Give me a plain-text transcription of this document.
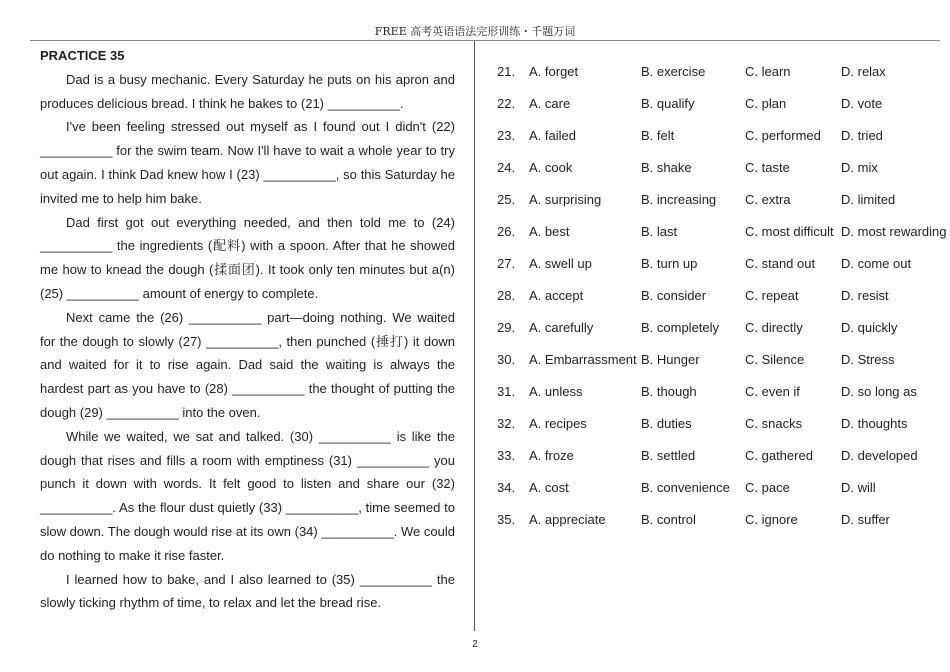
FREE 高考英语语法完形训练・千题万词
PRACTICE 35

Dad is a busy mechanic. Every Saturday he puts on his apron and produces delicious bread. I think he bakes to (21) __________.

I've been feeling stressed out myself as I found out I didn't (22) __________ for the swim team. Now I'll have to wait a whole year to try out again. I think Dad knew how I (23) __________, so this Saturday he invited me to help him bake.

Dad first got out everything needed, and then told me to (24) __________ the ingredients (配料) with a spoon. After that he showed me how to knead the dough (揉面团). It took only ten minutes but a(n) (25) __________ amount of energy to complete.

Next came the (26) __________ part—doing nothing. We waited for the dough to slowly (27) __________, then punched (捶打) it down and waited for it to rise again. Dad said the waiting is always the hardest part as you have to (28) __________ the thought of putting the dough (29) __________ into the oven.

While we waited, we sat and talked. (30) __________ is like the dough that rises and fills a room with emptiness (31) __________ you punch it down with words. It felt good to listen and share our (32) __________. As the flour dust quietly (33) __________, time seemed to slow down. The dough would rise at its own (34) __________. We could do nothing to make it rise faster.

I learned how to bake, and I also learned to (35) __________ the slowly ticking rhythm of time, to relax and let the bread rise.

21. A. forget	B. exercise	C. learn	D. relax
22. A. care	B. qualify	C. plan	D. vote
23. A. failed	B. felt	C. performed D. tried
24. A. cook	B. shake	C. taste	D. mix
25. A. surprising	B. increasing C. extra	D. limited
26. A. best	B. last	C. most difficult D. most rewarding
27. A. swell up	B. turn up	C. stand out D. come out
28. A. accept	B. consider	C. repeat	D. resist
29. A. carefully	B. completely C. directly	D. quickly
30. A. Embarrassment B. Hunger	C. Silence	D. Stress
31. A. unless	B. though	C. even if	D. so long as
32. A. recipes	B. duties	C. snacks	D. thoughts
33. A. froze	B. settled	C. gathered D. developed
34. A. cost	B. convenience C. pace	D. will
35. A. appreciate	B. control	C. ignore	D. suffer
2
